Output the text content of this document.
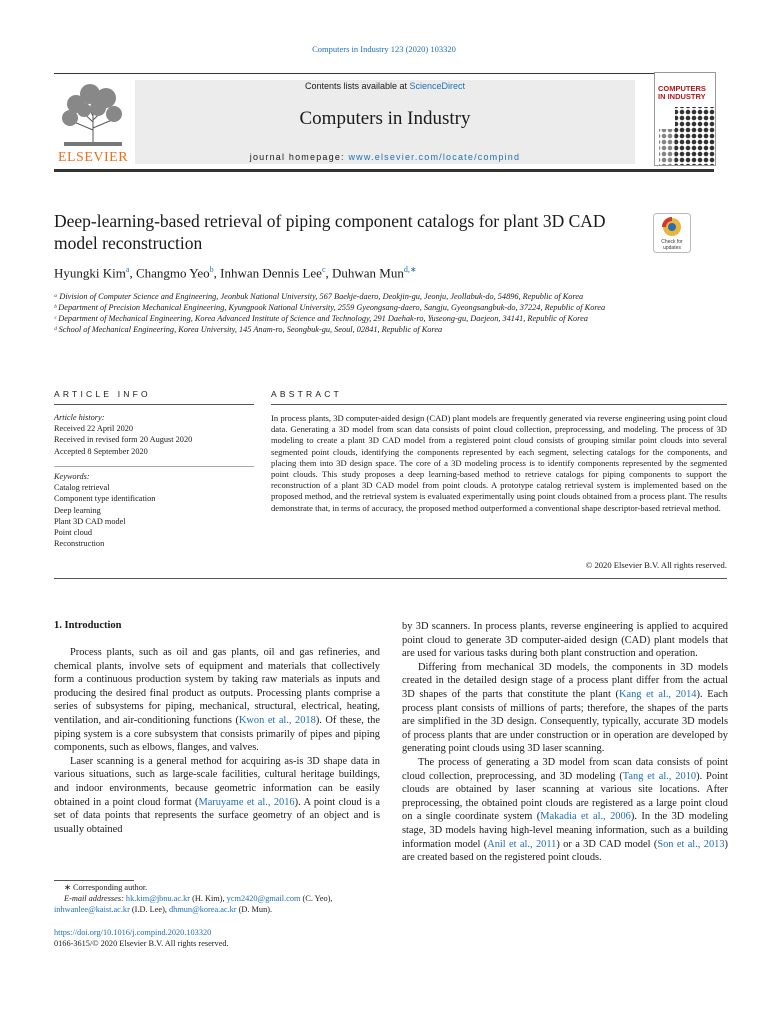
Computers in Industry 123 (2020) 103320
ELSEVIER
Contents lists available at ScienceDirect
Computers in Industry
journal homepage: www.elsevier.com/locate/compind
COMPUTERS IN INDUSTRY
Deep-learning-based retrieval of piping component catalogs for plant 3D CAD model reconstruction	Check for
updates
Hyungki Kim$^a$, Changmo Yeo$^b$, Inhwan Dennis Lee$^c$, Duhwan Mun$^{d,∗}$
ᵃ Division of Computer Science and Engineering, Jeonbuk National University, 567 Baekje-daero, Deokjin-gu, Jeonju, Jeollabuk-do, 54896, Republic of Korea
ᵇ Department of Precision Mechanical Engineering, Kyungpook National University, 2559 Gyeongsang-daero, Sangju, Gyeongsangbuk-do, 37224, Republic of Korea
ᶜ Department of Mechanical Engineering, Korea Advanced Institute of Science and Technology, 291 Daehak-ro, Yuseong-gu, Daejeon, 34141, Republic of Korea
ᵈ School of Mechanical Engineering, Korea University, 145 Anam-ro, Seongbuk-gu, Seoul, 02841, Republic of Korea
ARTICLE INFO
Article history:
Received 22 April 2020
Received in revised form 20 August 2020
Accepted 8 September 2020
Keywords:
Catalog retrieval
Component type identification
Deep learning
Plant 3D CAD model
Point cloud
Reconstruction
ABSTRACT
In process plants, 3D computer-aided design (CAD) plant models are frequently generated via reverse engineering using point cloud data. Generating a 3D model from scan data consists of point cloud collection, preprocessing, and modeling. The process of 3D modeling to create a plant 3D CAD model from a registered point cloud consists of grouping similar point clouds into several segmented point clouds, identifying the components represented by each segment, selecting catalogs for the components, and placing them into 3D design space. The core of a 3D modeling process is to identify components represented by the segmented point clouds. This study proposes a deep learning-based method to retrieve catalogs for piping components to support the reconstruction of a plant 3D CAD model from point clouds. A prototype catalog retrieval system is implemented based on the proposed method, and the retrieval system is evaluated experimentally using point clouds obtained from a process plant. The results demonstrate that, in terms of accuracy, the proposed method outperformed a conventional shape descriptor-based retrieval method.
© 2020 Elsevier B.V. All rights reserved.
1. Introduction

Process plants, such as oil and gas plants, oil and gas refineries, and chemical plants, involve sets of equipment and materials that collectively form a continuous production system by taking raw materials as inputs and producing the desired final product as outputs. Processing plants comprise a series of subsystems for piping, mechanical, structural, electrical, heating, ventilation, and air-conditioning functions (Kwon et al., 2018). Of these, the piping system is a core subsystem that consists primarily of pipes and piping components, such as elbows, flanges, and valves.

Laser scanning is a general method for acquiring as-is 3D shape data in various situations, such as large-scale facilities, cultural heritage buildings, and indoor environments, because geometric information can be easily obtained in a point cloud format (Maruyame et al., 2016). A point cloud is a set of data points that represents the surface geometry of an object and is usually obtained

by 3D scanners. In process plants, reverse engineering is applied to acquired point cloud to generate 3D computer-aided design (CAD) plant models that are used for various tasks during both plant construction and operation.

Differing from mechanical 3D models, the components in 3D models created in the detailed design stage of a process plant differ from the actual 3D shapes of the parts that constitute the plant (Kang et al., 2014). Each process plant consists of millions of parts; therefore, the shapes of the parts are simplified in the 3D design. Consequently, typically, accurate 3D models of process plants that are under construction or in operation are developed by generating point clouds using 3D laser scanning.

The process of generating a 3D model from scan data consists of point cloud collection, preprocessing, and 3D modeling (Tang et al., 2010). Point clouds are obtained by laser scanning at various site locations. After preprocessing, the obtained point clouds are registered as a large point cloud on a single coordinate system (Makadia et al., 2006). In the 3D modeling stage, 3D models having high-level meaning information, such as a building information model (Anil et al., 2011) or a 3D CAD model (Son et al., 2013) are created based on the registered point clouds.

∗ Corresponding author.
E-mail addresses: hk.kim@jbnu.ac.kr (H. Kim), ycm2420@gmail.com (C. Yeo),
inhwanlee@kaist.ac.kr (I.D. Lee), dhmun@korea.ac.kr (D. Mun).
https://doi.org/10.1016/j.compind.2020.103320
0166-3615/© 2020 Elsevier B.V. All rights reserved.
